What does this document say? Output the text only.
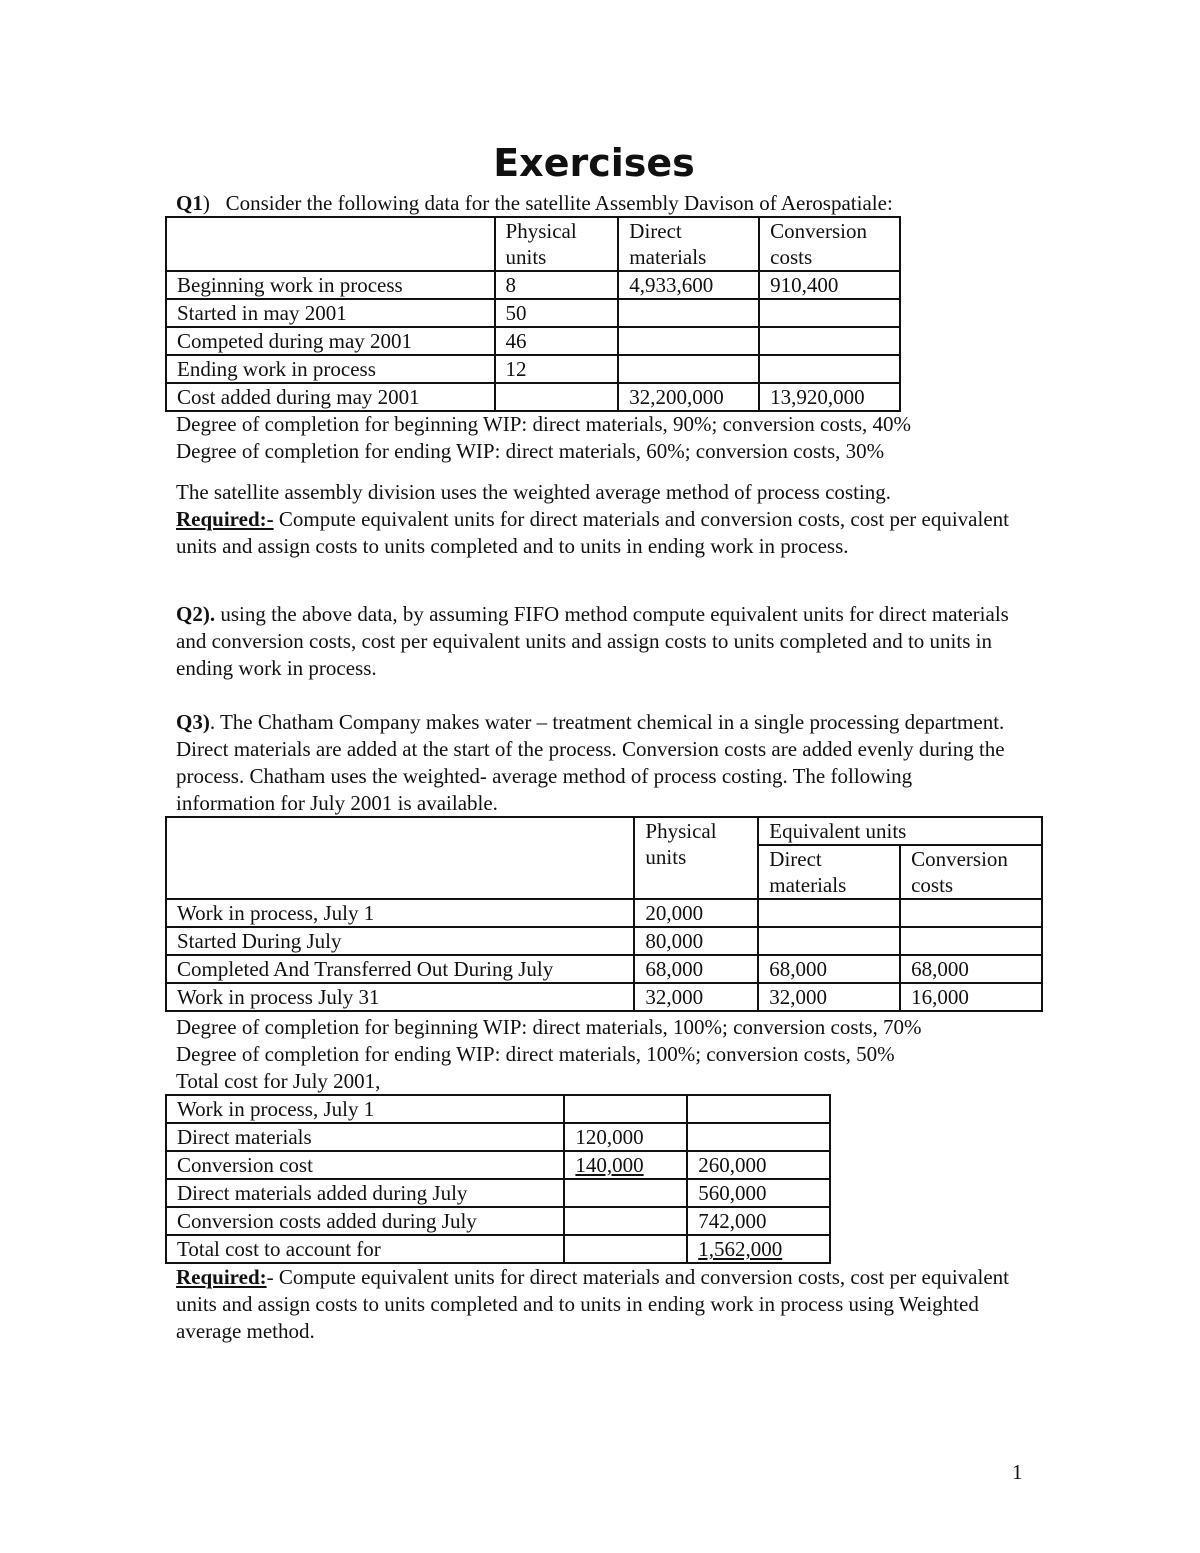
Exercises
Q1) Consider the following data for the satellite Assembly Davison of Aerospatiale:
	Physical units	Direct materials	Conversion costs
Beginning work in process	8	4,933,600	910,400
Started in may 2001	50		
Competed during may 2001	46		
Ending work in process	12		
Cost added during may 2001		32,200,000	13,920,000
Degree of completion for beginning WIP: direct materials, 90%; conversion costs, 40%
Degree of completion for ending WIP: direct materials, 60%; conversion costs, 30%
The satellite assembly division uses the weighted average method of process costing.
Required:- Compute equivalent units for direct materials and conversion costs, cost per equivalent units and assign costs to units completed and to units in ending work in process.
Q2). using the above data, by assuming FIFO method compute equivalent units for direct materials and conversion costs, cost per equivalent units and assign costs to units completed and to units in ending work in process.
Q3). The Chatham Company makes water – treatment chemical in a single processing department. Direct materials are added at the start of the process. Conversion costs are added evenly during the process. Chatham uses the weighted- average method of process costing. The following information for July 2001 is available.
	Physical units	Equivalent units	
		Direct materials	Conversion costs
Work in process, July 1	20,000		
Started During July	80,000		
Completed And Transferred Out During July	68,000	68,000	68,000
Work in process July 31	32,000	32,000	16,000
Degree of completion for beginning WIP: direct materials, 100%; conversion costs, 70%
Degree of completion for ending WIP: direct materials, 100%; conversion costs, 50%
Total cost for July 2001,
Work in process, July 1		
Direct materials	120,000	
Conversion cost	140,000	260,000
Direct materials added during July		560,000
Conversion costs added during July		742,000
Total cost to account for		1,562,000
Required:- Compute equivalent units for direct materials and conversion costs, cost per equivalent units and assign costs to units completed and to units in ending work in process using Weighted average method.
1
